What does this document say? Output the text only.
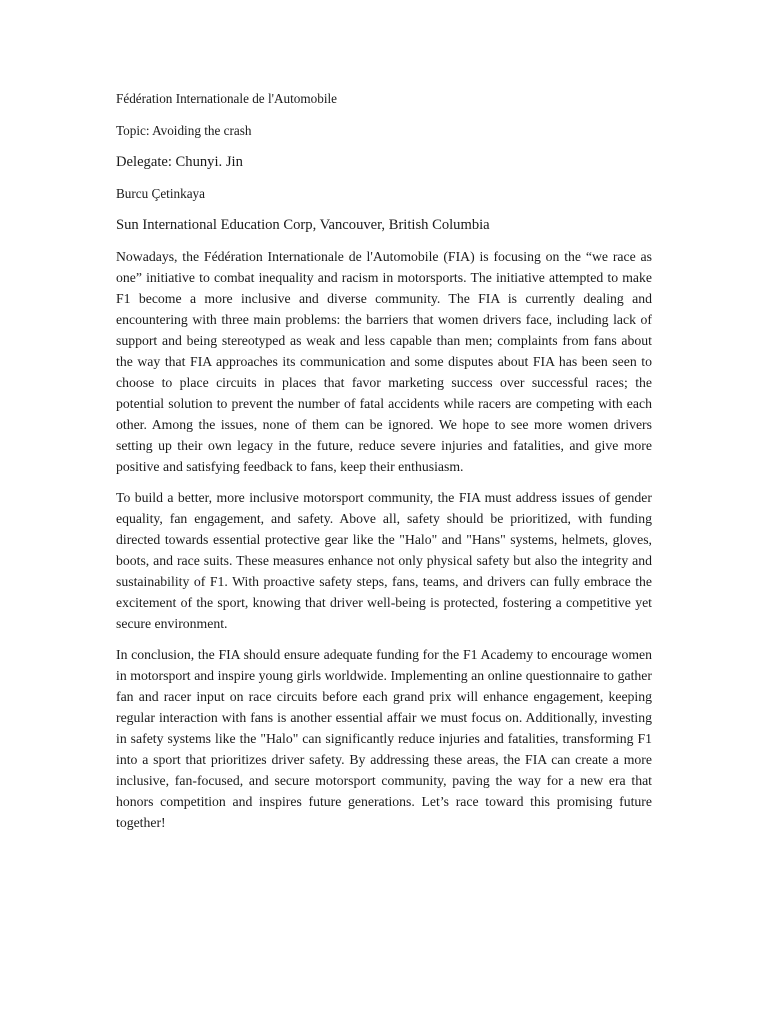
Fédération Internationale de l'Automobile

Topic: Avoiding the crash

Delegate: Chunyi. Jin

Burcu Çetinkaya

Sun International Education Corp, Vancouver, British Columbia

Nowadays, the Fédération Internationale de l'Automobile (FIA) is focusing on the “we race as one” initiative to combat inequality and racism in motorsports. The initiative attempted to make F1 become a more inclusive and diverse community. The FIA is currently dealing and encountering with three main problems: the barriers that women drivers face, including lack of support and being stereotyped as weak and less capable than men; complaints from fans about the way that FIA approaches its communication and some disputes about FIA has been seen to choose to place circuits in places that favor marketing success over successful races; the potential solution to prevent the number of fatal accidents while racers are competing with each other. Among the issues, none of them can be ignored. We hope to see more women drivers setting up their own legacy in the future, reduce severe injuries and fatalities, and give more positive and satisfying feedback to fans, keep their enthusiasm.

To build a better, more inclusive motorsport community, the FIA must address issues of gender equality, fan engagement, and safety. Above all, safety should be prioritized, with funding directed towards essential protective gear like the "Halo" and "Hans" systems, helmets, gloves, boots, and race suits. These measures enhance not only physical safety but also the integrity and sustainability of F1. With proactive safety steps, fans, teams, and drivers can fully embrace the excitement of the sport, knowing that driver well-being is protected, fostering a competitive yet secure environment.

In conclusion, the FIA should ensure adequate funding for the F1 Academy to encourage women in motorsport and inspire young girls worldwide. Implementing an online questionnaire to gather fan and racer input on race circuits before each grand prix will enhance engagement, keeping regular interaction with fans is another essential affair we must focus on. Additionally, investing in safety systems like the "Halo" can significantly reduce injuries and fatalities, transforming F1 into a sport that prioritizes driver safety. By addressing these areas, the FIA can create a more inclusive, fan-focused, and secure motorsport community, paving the way for a new era that honors competition and inspires future generations. Let’s race toward this promising future together!
